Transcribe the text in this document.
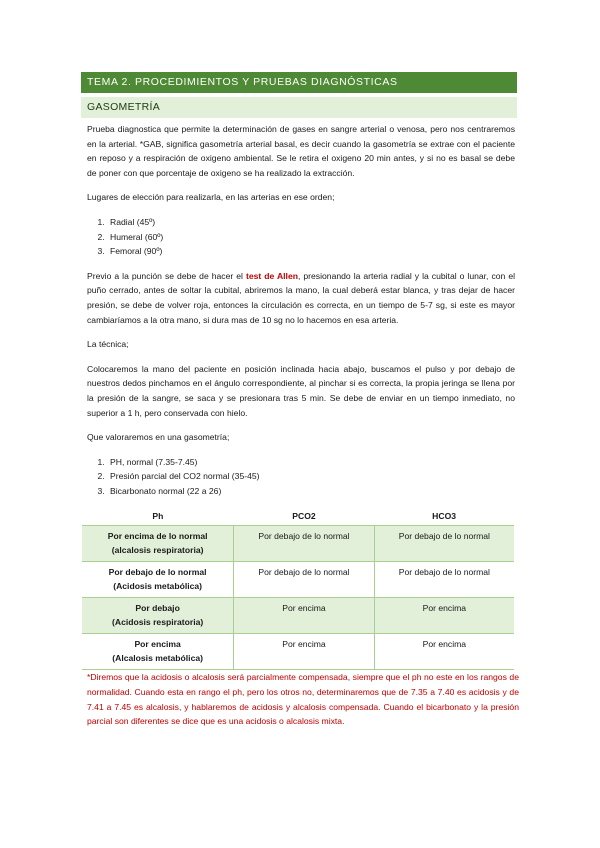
TEMA 2. PROCEDIMIENTOS Y PRUEBAS DIAGNÓSTICAS
GASOMETRÍA

Prueba diagnostica que permite la determinación de gases en sangre arterial o venosa, pero nos centraremos en la arterial. *GAB, significa gasometría arterial basal, es decir cuando la gasometría se extrae con el paciente en reposo y a respiración de oxigeno ambiental. Se le retira el oxigeno 20 min antes, y si no es basal se debe de poner con que porcentaje de oxigeno se ha realizado la extracción.

Lugares de elección para realizarla, en las arterias en ese orden;

1. Radial (45º)
2. Humeral (60º)
3. Femoral (90º)

Previo a la punción se debe de hacer el test de Allen, presionando la arteria radial y la cubital o lunar, con el puño cerrado, antes de soltar la cubital, abriremos la mano, la cual deberá estar blanca, y tras dejar de hacer presión, se debe de volver roja, entonces la circulación es correcta, en un tiempo de 5-7 sg, si este es mayor cambiaríamos a la otra mano, si dura mas de 10 sg no lo hacemos en esa arteria.

La técnica;

Colocaremos la mano del paciente en posición inclinada hacia abajo, buscamos el pulso y por debajo de nuestros dedos pinchamos en el ángulo correspondiente, al pinchar si es correcta, la propia jeringa se llena por la presión de la sangre, se saca y se presionara tras 5 min. Se debe de enviar en un tiempo inmediato, no superior a 1 h, pero conservada con hielo.

Que valoraremos en una gasometría;

1. PH, normal (7.35-7.45)
2. Presión parcial del CO2 normal (35-45)
3. Bicarbonato normal (22 a 26)
Ph	PCO2	HCO3
Por encima de lo normal
(alcalosis respiratoria)	Por debajo de lo normal	Por debajo de lo normal
Por debajo de lo normal
(Acidosis metabólica)	Por debajo de lo normal	Por debajo de lo normal
Por debajo
(Acidosis respiratoria)	Por encima	Por encima
Por encima
(Alcalosis metabólica)	Por encima	Por encima

*Diremos que la acidosis o alcalosis será parcialmente compensada, siempre que el ph no este en los rangos de normalidad. Cuando esta en rango el ph, pero los otros no, determinaremos que de 7.35 a 7.40 es acidosis y de 7.41 a 7.45 es alcalosis, y hablaremos de acidosis y alcalosis compensada. Cuando el bicarbonato y la presión parcial son diferentes se dice que es una acidosis o alcalosis mixta.
